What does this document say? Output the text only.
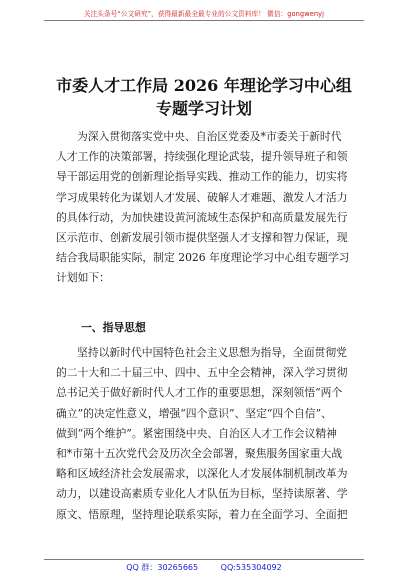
关注头条号“公文研究”，获得最新最全最专业的公文资料库！ 微信：gongwenyj
市委人才工作局 2026 年理论学习中心组
专题学习计划
为深入贯彻落实党中央、自治区党委及*市委关于新时代
人才工作的决策部署，持续强化理论武装，提升领导班子和领
导干部运用党的创新理论指导实践、推动工作的能力，切实将
学习成果转化为谋划人才发展、破解人才难题、激发人才活力
的具体行动，为加快建设黄河流域生态保护和高质量发展先行
区示范市、创新发展引领市提供坚强人才支撑和智力保证，现
结合我局职能实际，制定 2026 年度理论学习中心组专题学习
计划如下：
一、指导思想
坚持以新时代中国特色社会主义思想为指导，全面贯彻党
的二十大和二十届三中、四中、五中全会精神，深入学习贯彻
总书记关于做好新时代人才工作的重要思想，深刻领悟“两个
确立”的决定性意义，增强“四个意识”、坚定“四个自信”、
做到“两个维护”。紧密围绕中央、自治区人才工作会议精神
和*市第十五次党代会及历次全会部署，聚焦服务国家重大战
略和区域经济社会发展需求，以深化人才发展体制机制改革为
动力，以建设高素质专业化人才队伍为目标，坚持读原著、学
原文、悟原理，坚持理论联系实际，着力在全面学习、全面把
QQ 群：30265665	QQ:535304092
